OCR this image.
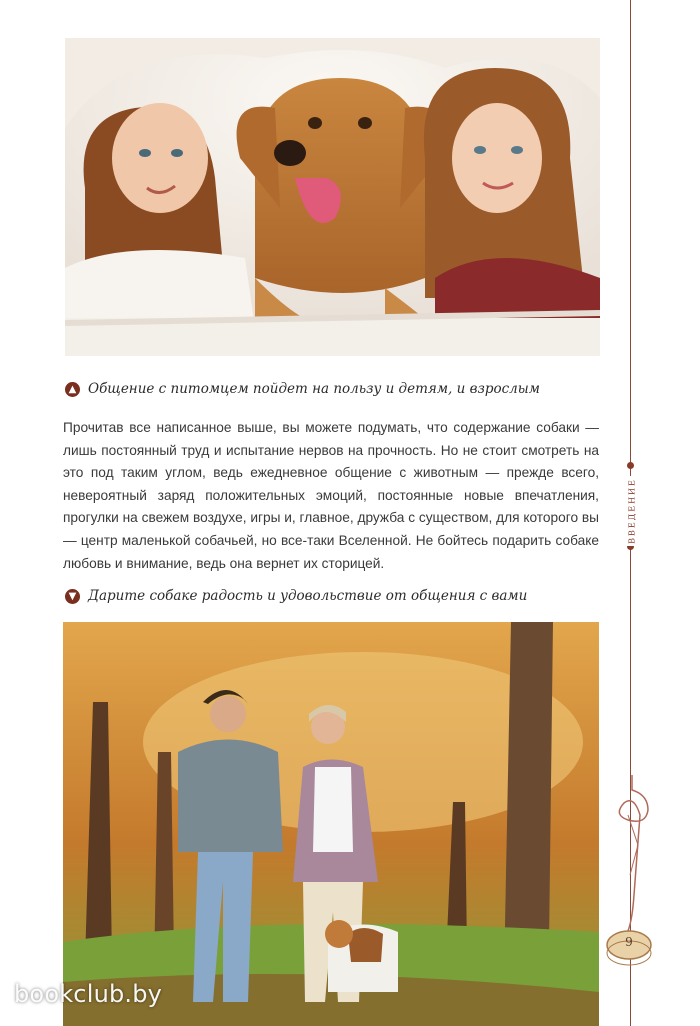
▲ Общение с питомцем пойдет на пользу и детям, и взрослым

Прочитав все написанное выше, вы можете подумать, что содержание собаки — лишь постоянный труд и испытание нервов на прочность. Но не стоит смотреть на это под таким углом, ведь ежедневное общение с животным — прежде всего, невероятный заряд положительных эмоций, постоянные новые впечатления, прогулки на свежем воздухе, игры и, главное, дружба с существом, для которого вы — центр маленькой собачьей, но все-таки Вселенной. Не бойтесь подарить собаке любовь и внимание, ведь она вернет их сторицей.

▼ Дарите собаке радость и удовольствие от общения с вами
ВВЕДЕНИЕ
9
bookclub.by
